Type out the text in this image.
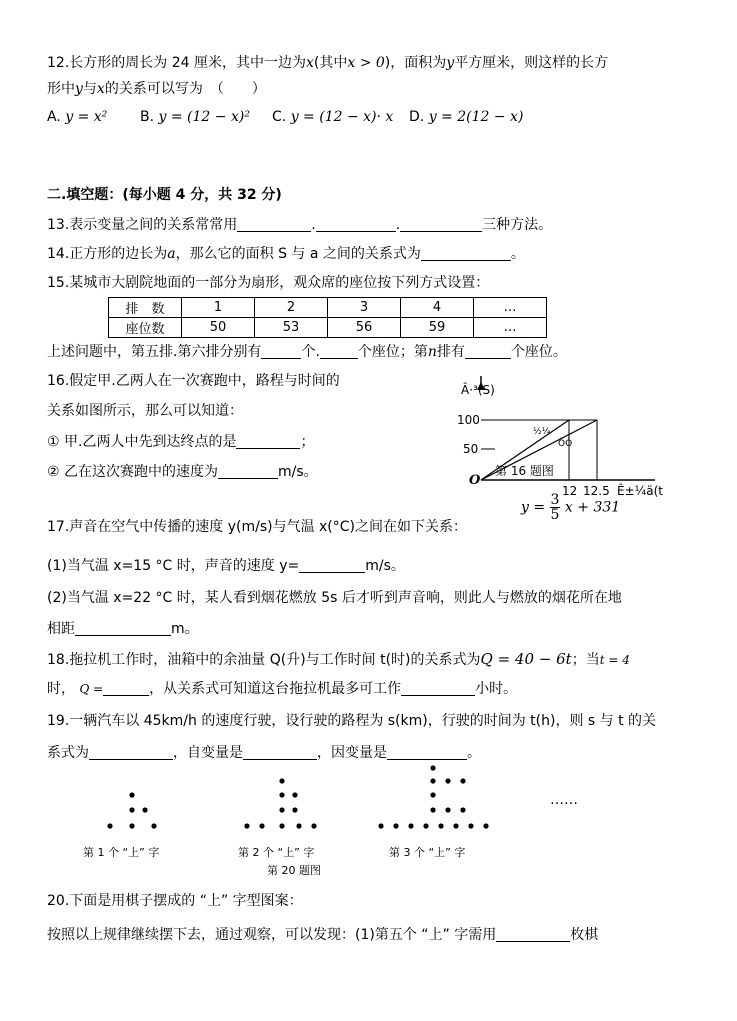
12.长方形的周长为 24 厘米，其中一边为x(其中x > 0)，面积为y平方厘米，则这样的长方
形中y与x的关系可以写为　（　　）
A. y = x² B. y = (12 − x)² C. y = (12 − x)· x D. y = 2(12 − x)
二.填空题：(每小题 4 分，共 32 分)
13.表示变量之间的关系常常用	.	.	三种方法。
14.正方形的边长为a，那么它的面积 S 与 a 之间的关系式为	。
15.某城市大剧院地面的一部分为扇形，观众席的座位按下列方式设置：
排　数	1	2	3	4	…
座位数	50	53	56	59	…
上述问题中，第五排.第六排分别有	个.	个座位；第n排有	个座位。
16.假定甲.乙两人在一次赛跑中，路程与时间的
关系如图所示，那么可以知道：
① 甲.乙两人中先到达终点的是	；
② 乙在这次赛跑中的速度为	m/s。
Â·³(S)
100
50
O
½¼
ÒÒ
第 16 题图
12 12.5 Ê±¼ä(t
$y = \frac{3}{5}$ x + 331
17.声音在空气中传播的速度 y(m/s)与气温 x(°C)之间在如下关系：
(1)当气温 x=15 °C 时，声音的速度 y=	m/s。
(2)当气温 x=22 °C 时，某人看到烟花燃放 5s 后才听到声音响，则此人与燃放的烟花所在地
相距	m。
18.拖拉机工作时，油箱中的余油量 Q(升)与工作时间 t(时)的关系式为Q = 40 − 6t；当t = 4
时， Q =	，从关系式可知道这台拖拉机最多可工作	小时。
19.一辆汽车以 45km/h 的速度行驶，设行驶的路程为 s(km)，行驶的时间为 t(h)，则 s 与 t 的关
系式为	，自变量是	，因变量是	。
……
第 1 个 “上” 字	第 2 个 “上” 字	第 3 个 “上” 字
第 20 题图
20.下面是用棋子摆成的 “上” 字型图案：
按照以上规律继续摆下去，通过观察，可以发现：(1)第五个 “上” 字需用	枚棋
